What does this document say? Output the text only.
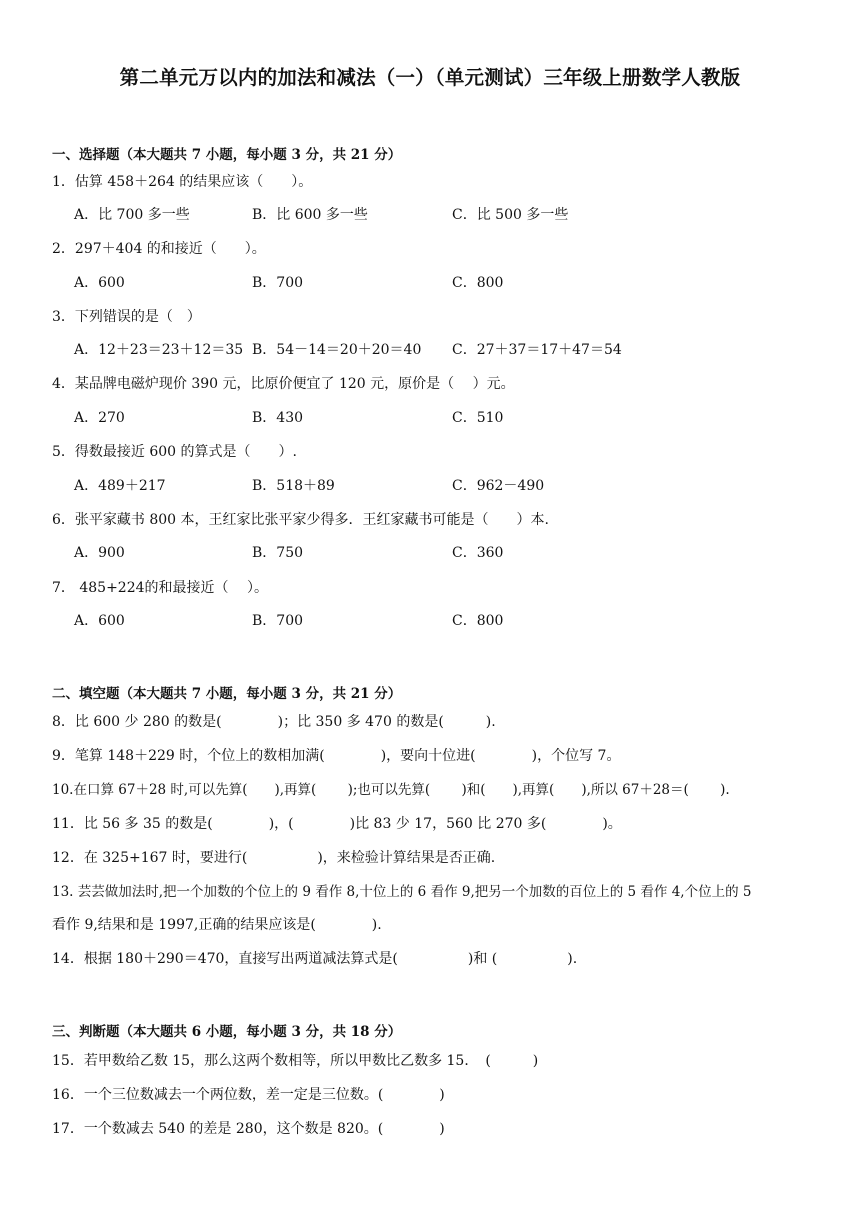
第二单元万以内的加法和减法（一）（单元测试）三年级上册数学人教版
一、选择题（本大题共 7 小题，每小题 3 分，共 21 分）
1．估算 458＋264 的结果应该（　　）。
A．比 700 多一些	B．比 600 多一些	C．比 500 多一些
2．297＋404 的和接近（　　）。
A．600	B．700	C．800
3．下列错误的是（　）
A．12＋23＝23＋12＝35 B．54－14＝20＋20＝40 C．27＋37＝17＋47＝54
4．某品牌电磁炉现价 390 元，比原价便宜了 120 元，原价是（　 ）元。
A．270	B．430	C．510
5．得数最接近 600 的算式是（　　）.
A．489＋217	B．518＋89	C．962－490
6．张平家藏书 800 本，王红家比张平家少得多．王红家藏书可能是（　　）本.
A．900	B．750	C．360
7． 485+224的和最接近（　 ）。
A．600	B．700	C．800
二、填空题（本大题共 7 小题，每小题 3 分，共 21 分）
8．比 600 少 280 的数是(　　　　)；比 350 多 470 的数是(　　　).
9．笔算 148＋229 时，个位上的数相加满(　　　　)，要向十位进(　　　　)，个位写 7。
10.在口算 67＋28 时,可以先算(　　),再算(　　 );也可以先算(　　 )和(　　),再算(　　),所以 67＋28＝(　　 ).
11．比 56 多 35 的数是(　　　　)，(　　　　)比 83 少 17，560 比 270 多(　　　　)。
12．在 325+167 时，要进行(　　　　　)，来检验计算结果是否正确.
13. 芸芸做加法时,把一个加数的个位上的 9 看作 8,十位上的 6 看作 9,把另一个加数的百位上的 5 看作 4,个位上的 5
看作 9,结果和是 1997,正确的结果应该是(　　　　).
14．根据 180＋290＝470，直接写出两道减法算式是(　　　　　)和 (　　　　　).
三、判断题（本大题共 6 小题，每小题 3 分，共 18 分）
15．若甲数给乙数 15，那么这两个数相等，所以甲数比乙数多 15．　(　　　)
16．一个三位数减去一个两位数，差一定是三位数。(　　　　)
17．一个数减去 540 的差是 280，这个数是 820。(　　　　)
